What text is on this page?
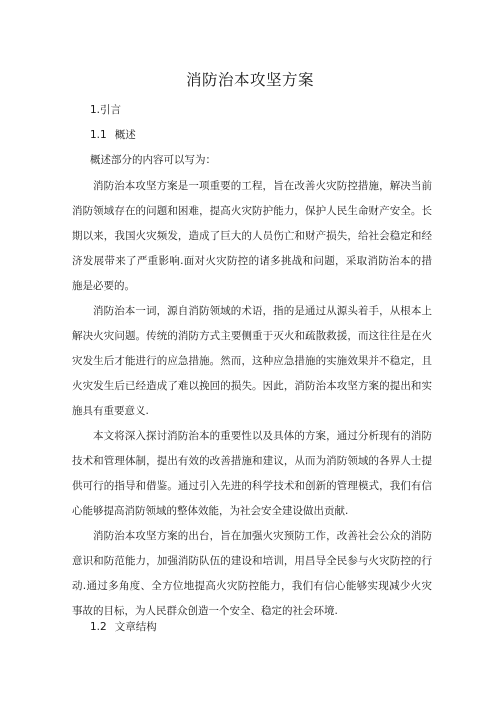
消防治本攻坚方案
1.引言
1.1 概述
概述部分的内容可以写为：
消防治本攻坚方案是一项重要的工程，旨在改善火灾防控措施，解决当前消防领域存在的问题和困难，提高火灾防护能力，保护人民生命财产安全。长期以来，我国火灾频发，造成了巨大的人员伤亡和财产损失，给社会稳定和经济发展带来了严重影响.面对火灾防控的诸多挑战和问题，采取消防治本的措施是必要的。
消防治本一词，源自消防领域的术语，指的是通过从源头着手，从根本上解决火灾问题。传统的消防方式主要侧重于灭火和疏散救援，而这往往是在火灾发生后才能进行的应急措施。然而，这种应急措施的实施效果并不稳定，且火灾发生后已经造成了难以挽回的损失。因此，消防治本攻坚方案的提出和实施具有重要意义.
本文将深入探讨消防治本的重要性以及具体的方案，通过分析现有的消防技术和管理体制，提出有效的改善措施和建议，从而为消防领域的各界人士提供可行的指导和借鉴。通过引入先进的科学技术和创新的管理模式，我们有信心能够提高消防领域的整体效能，为社会安全建设做出贡献.
消防治本攻坚方案的出台，旨在加强火灾预防工作，改善社会公众的消防意识和防范能力，加强消防队伍的建设和培训，用昌导全民参与火灾防控的行动.通过多角度、全方位地提高火灾防控能力，我们有信心能够实现减少火灾事故的目标，为人民群众创造一个安全、稳定的社会环境.
1.2 文章结构
